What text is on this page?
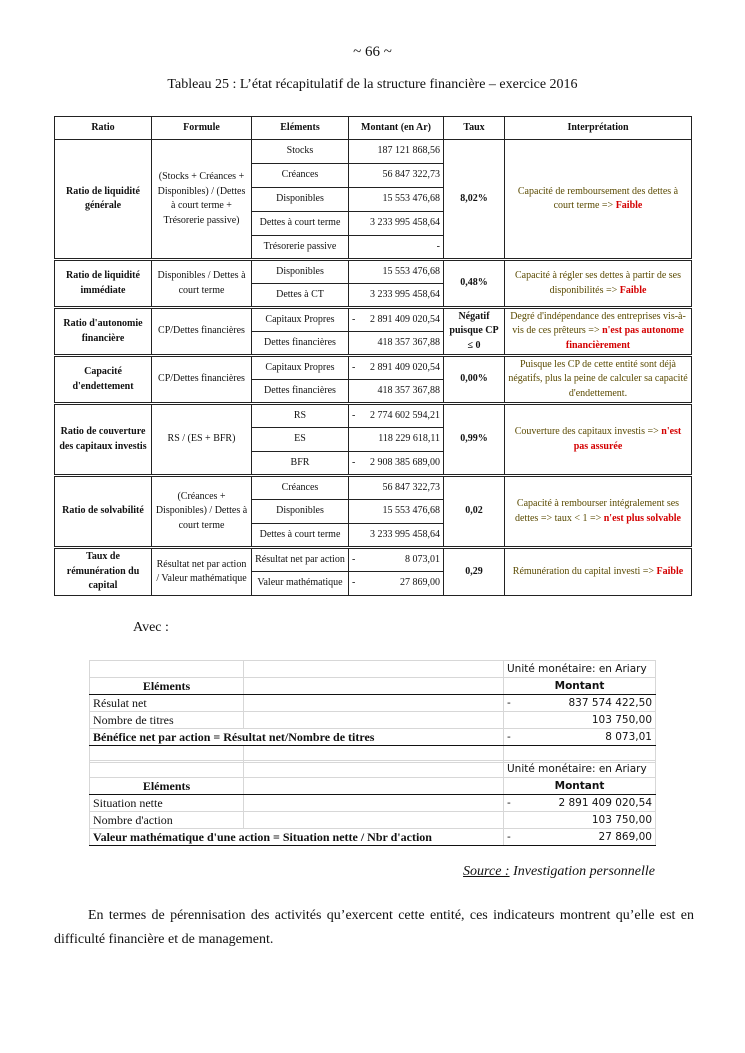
~ 66 ~
Tableau 25 : L’état récapitulatif de la structure financière – exercice 2016
Ratio	Formule	Eléments	Montant (en Ar)	Taux	Interprétation
Ratio de liquidité générale	(Stocks + Créances + Disponibles) / (Dettes à court terme + Trésorerie passive)	Stocks	187 121 868,56	8,02%	Capacité de remboursement des dettes à court terme => Faible
		Créances	56 847 322,73		

		Disponibles	15 553 476,68		

		Dettes à court terme	3 233 995 458,64		

		Trésorerie passive	-		

Ratio de liquidité immédiate	Disponibles / Dettes à court terme	Disponibles	15 553 476,68	0,48%	Capacité à régler ses dettes à partir de ses disponibilités => Faible
		Dettes à CT	3 233 995 458,64		

Ratio d'autonomie financière	CP/Dettes financières	Capitaux Propres	- 2 891 409 020,54	Négatif puisque CP ≤ 0	Degré d'indépendance des entreprises vis-à-vis de ces prêteurs => n'est pas autonome financièrement
		Dettes financières	418 357 367,88		

Capacité d'endettement	CP/Dettes financières	Capitaux Propres	- 2 891 409 020,54	0,00%	Puisque les CP de cette entité sont déjà négatifs, plus la peine de calculer sa capacité d'endettement.
		Dettes financières	418 357 367,88		

Ratio de couverture des capitaux investis	RS / (ES + BFR)	RS	- 2 774 602 594,21	0,99%	Couverture des capitaux investis => n'est pas assurée
		ES	118 229 618,11		

		BFR	- 2 908 385 689,00		

Ratio de solvabilité	(Créances + Disponibles) / Dettes à court terme	Créances	56 847 322,73	0,02	Capacité à rembourser intégralement ses dettes => taux < 1 => n'est plus solvable
		Disponibles	15 553 476,68		

		Dettes à court terme	3 233 995 458,64		

Taux de rémunération du capital	Résultat net par action / Valeur mathématique	Résultat net par action	- 8 073,01	0,29	Rémunération du capital investi => Faible
		Valeur mathématique	- 27 869,00		
Avec :
		Unité monétaire: en Ariary
Eléments		Montant
Résulat net		- 837 574 422,50

Nombre de titres		103 750,00

Bénéfice net par action = Résultat net/Nombre de titres		- 8 073,01

		Unité monétaire: en Ariary
Eléments		Montant
Situation nette		- 2 891 409 020,54

Nombre d'action		103 750,00

Valeur mathématique d'une action = Situation nette / Nbr d'action		- 27 869,00
Source : Investigation personnelle
En termes de pérennisation des activités qu’exercent cette entité, ces indicateurs montrent qu’elle est en difficulté financière et de management.
